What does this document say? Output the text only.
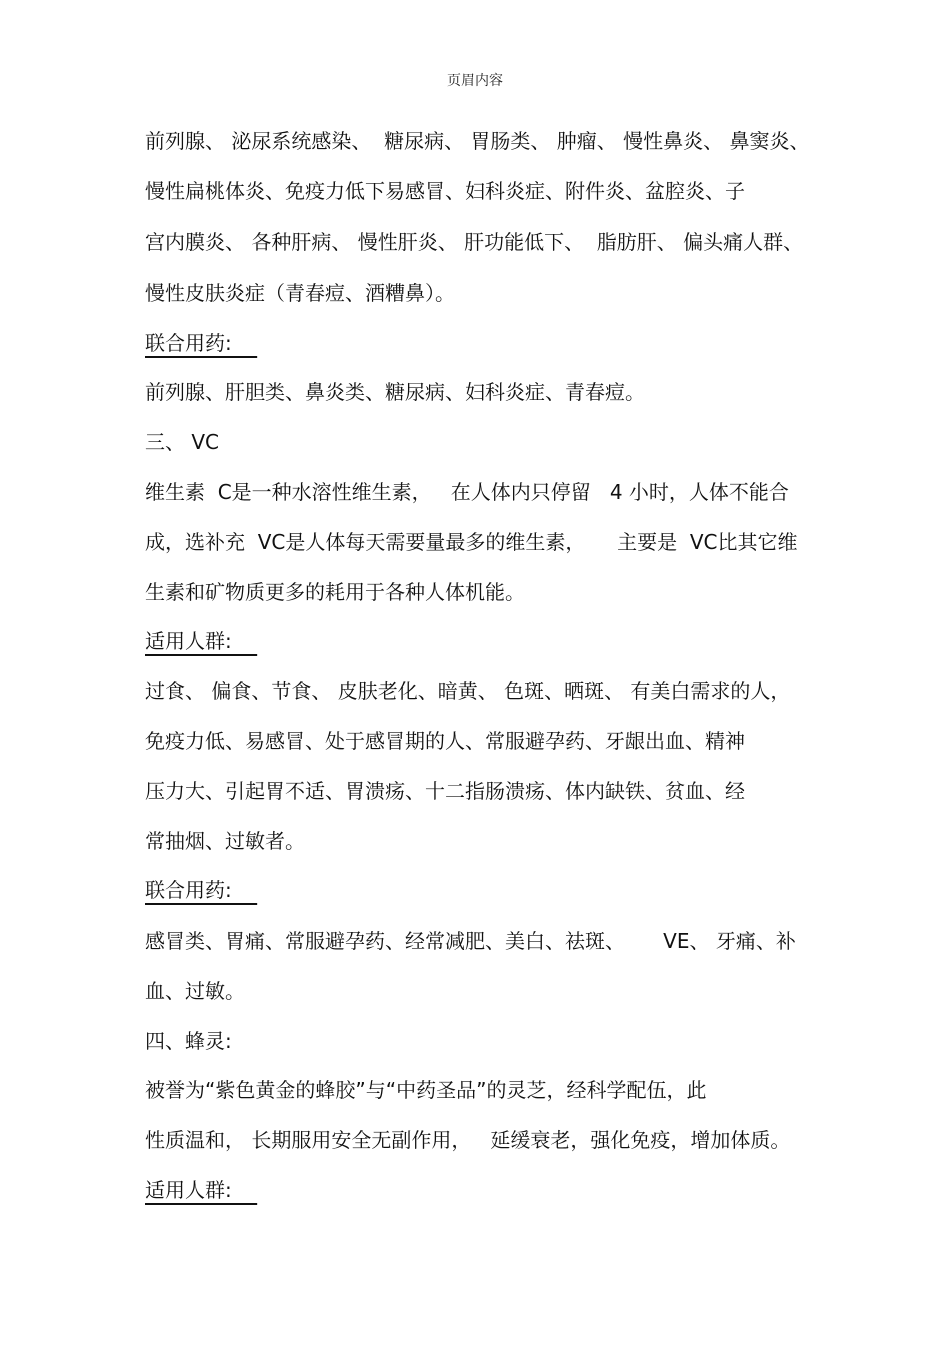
页眉内容
前列腺、 泌尿系统感染、  糖尿病、 胃肠类、 肿瘤、 慢性鼻炎、 鼻窦炎、
慢性扁桃体炎、免疫力低下易感冒、妇科炎症、附件炎、盆腔炎、子
宫内膜炎、 各种肝病、 慢性肝炎、 肝功能低下、  脂肪肝、 偏头痛人群、
慢性皮肤炎症（青春痘、酒糟鼻）。
联合用药:
前列腺、肝胆类、鼻炎类、糖尿病、妇科炎症、青春痘。
三、 VC
维生素  C是一种水溶性维生素，   在人体内只停留   4 小时，人体不能合
成，选补充  VC是人体每天需要量最多的维生素，     主要是  VC比其它维
生素和矿物质更多的耗用于各种人体机能。
适用人群:
过食、 偏食、节食、 皮肤老化、暗黄、 色斑、晒斑、 有美白需求的人，
免疫力低、易感冒、处于感冒期的人、常服避孕药、牙龈出血、精神
压力大、引起胃不适、胃溃疡、十二指肠溃疡、体内缺铁、贫血、经
常抽烟、过敏者。
联合用药:
感冒类、胃痛、常服避孕药、经常减肥、美白、祛斑、      VE、 牙痛、补
血、过敏。
四、蜂灵:
被誉为“紫色黄金的蜂胶”与“中药圣品”的灵芝，经科学配伍，此
性质温和， 长期服用安全无副作用，   延缓衰老，强化免疫，增加体质。
适用人群:
